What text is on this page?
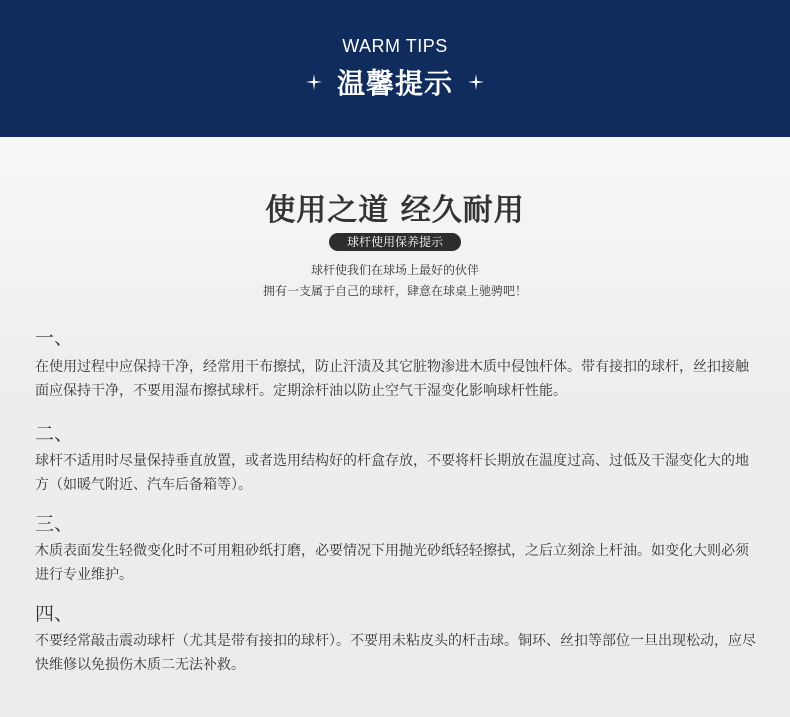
WARM TIPS
温馨提示
使用之道 经久耐用
球杆使用保养提示
球杆使我们在球场上最好的伙伴
拥有一支属于自己的球杆，肆意在球桌上驰骋吧！
一、
在使用过程中应保持干净，经常用干布擦拭，防止汗渍及其它脏物渗进木质中侵蚀杆体。带有接扣的球杆，丝扣接触面应保持干净，不要用湿布擦拭球杆。定期涂杆油以防止空气干湿变化影响球杆性能。
二、
球杆不适用时尽量保持垂直放置，或者选用结构好的杆盒存放，不要将杆长期放在温度过高、过低及干湿变化大的地方（如暖气附近、汽车后备箱等）。
三、
木质表面发生轻微变化时不可用粗砂纸打磨，必要情况下用抛光砂纸轻轻擦拭，之后立刻涂上杆油。如变化大则必须进行专业维护。
四、
不要经常敲击震动球杆（尤其是带有接扣的球杆）。不要用未粘皮头的杆击球。铜环、丝扣等部位一旦出现松动，应尽快维修以免损伤木质二无法补救。
